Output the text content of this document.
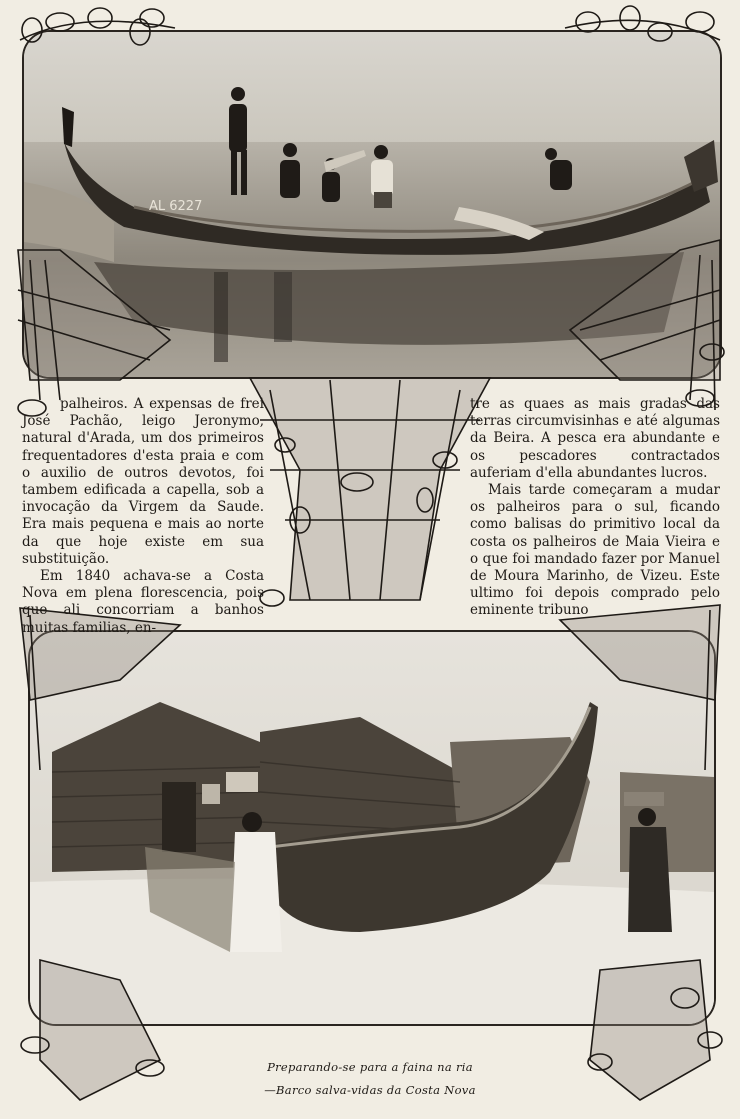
AL 6227

palheiros. A expensas de frei José Pachão, leigo Jeronymo, natural d'Arada, um dos primeiros frequentadores d'esta praia e com o auxilio de outros devotos, foi tambem edificada a capella, sob a invocação da Virgem da Saude. Era mais pequena e mais ao norte da que hoje existe em sua substituição.

Em 1840 achava-se a Costa Nova em plena florescencia, pois que ali concorriam a banhos muitas familias, en-

tre as quaes as mais gradas das terras circumvisinhas e até algumas da Beira. A pesca era abundante e os pescadores contractados auferiam d'ella abundantes lucros.

Mais tarde começaram a mudar os palheiros para o sul, ficando como balisas do primitivo local da costa os palheiros de Maia Vieira e o que foi mandado fazer por Manuel de Moura Marinho, de Vizeu. Este ultimo foi depois comprado pelo eminente tribuno

Preparando-se para a faina na ria
—Barco salva-vidas da Costa Nova
